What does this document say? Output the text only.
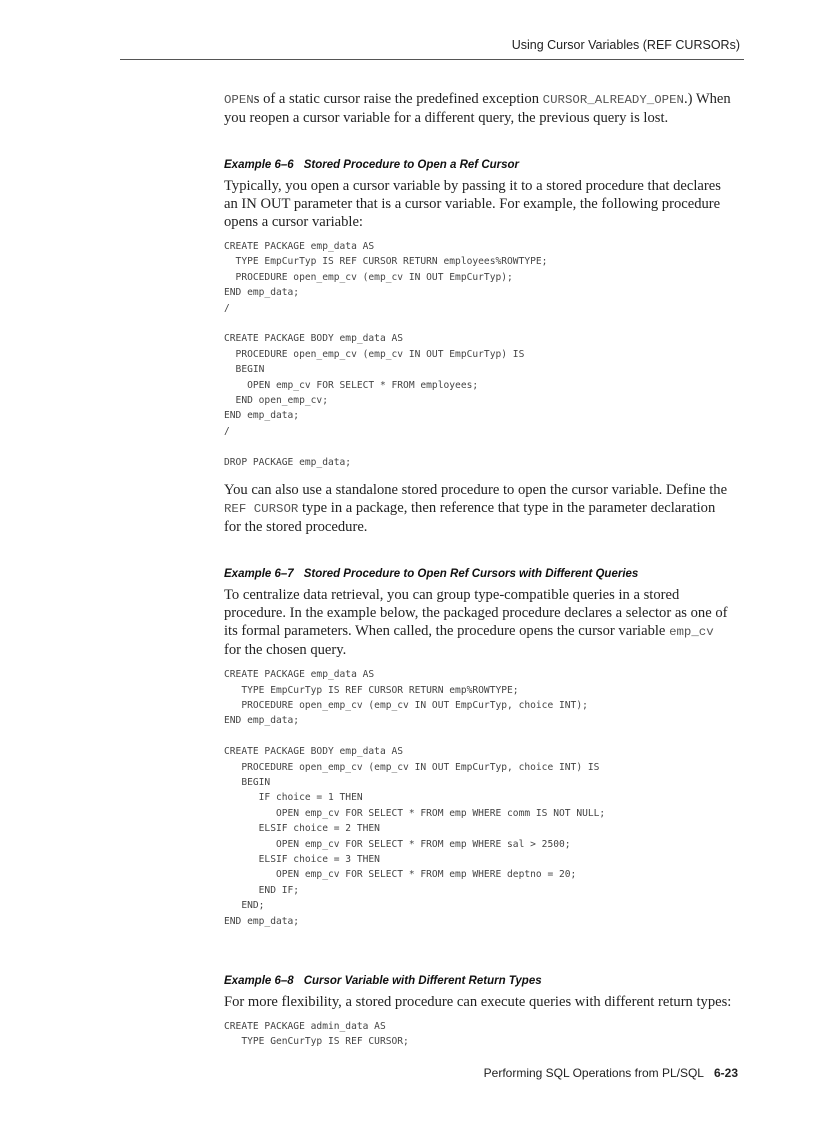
Using Cursor Variables (REF CURSORs)

OPENs of a static cursor raise the predefined exception CURSOR_ALREADY_OPEN.) When you reopen a cursor variable for a different query, the previous query is lost.

Example 6–6 Stored Procedure to Open a Ref Cursor

Typically, you open a cursor variable by passing it to a stored procedure that declares an IN OUT parameter that is a cursor variable. For example, the following procedure opens a cursor variable:

CREATE PACKAGE emp_data AS
TYPE EmpCurTyp IS REF CURSOR RETURN employees%ROWTYPE;
PROCEDURE open_emp_cv (emp_cv IN OUT EmpCurTyp);
END emp_data;
/

CREATE PACKAGE BODY emp_data AS
PROCEDURE open_emp_cv (emp_cv IN OUT EmpCurTyp) IS
BEGIN
OPEN emp_cv FOR SELECT * FROM employees;
END open_emp_cv;
END emp_data;
/

DROP PACKAGE emp_data;

You can also use a standalone stored procedure to open the cursor variable. Define the REF CURSOR type in a package, then reference that type in the parameter declaration for the stored procedure.

Example 6–7 Stored Procedure to Open Ref Cursors with Different Queries

To centralize data retrieval, you can group type-compatible queries in a stored procedure. In the example below, the packaged procedure declares a selector as one of its formal parameters. When called, the procedure opens the cursor variable emp_cv for the chosen query.

CREATE PACKAGE emp_data AS
TYPE EmpCurTyp IS REF CURSOR RETURN emp%ROWTYPE;
PROCEDURE open_emp_cv (emp_cv IN OUT EmpCurTyp, choice INT);
END emp_data;

CREATE PACKAGE BODY emp_data AS
PROCEDURE open_emp_cv (emp_cv IN OUT EmpCurTyp, choice INT) IS
BEGIN
IF choice = 1 THEN
OPEN emp_cv FOR SELECT * FROM emp WHERE comm IS NOT NULL;
ELSIF choice = 2 THEN
OPEN emp_cv FOR SELECT * FROM emp WHERE sal > 2500;
ELSIF choice = 3 THEN
OPEN emp_cv FOR SELECT * FROM emp WHERE deptno = 20;
END IF;
END;
END emp_data;
Example 6–8 Cursor Variable with Different Return Types

For more flexibility, a stored procedure can execute queries with different return types:

CREATE PACKAGE admin_data AS
TYPE GenCurTyp IS REF CURSOR;
Performing SQL Operations from PL/SQL 6-23
